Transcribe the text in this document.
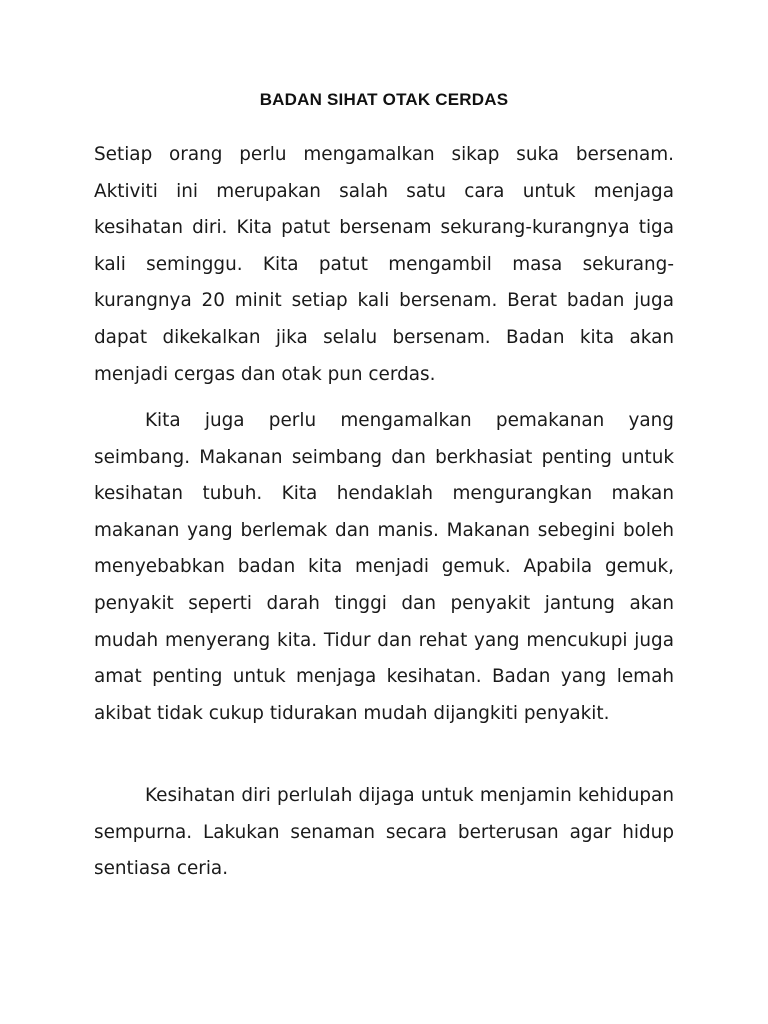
BADAN SIHAT OTAK CERDAS

Setiap orang perlu mengamalkan sikap suka bersenam. Aktiviti ini merupakan salah satu cara untuk menjaga kesihatan diri. Kita patut bersenam sekurang-kurangnya tiga kali seminggu. Kita patut mengambil masa sekurang-kurangnya 20 minit setiap kali bersenam. Berat badan juga dapat dikekalkan jika selalu bersenam. Badan kita akan menjadi cergas dan otak pun cerdas.

Kita juga perlu mengamalkan pemakanan yang seimbang. Makanan seimbang dan berkhasiat penting untuk kesihatan tubuh. Kita hendaklah mengurangkan makan makanan yang berlemak dan manis. Makanan sebegini boleh menyebabkan badan kita menjadi gemuk. Apabila gemuk, penyakit seperti darah tinggi dan penyakit jantung akan mudah menyerang kita. Tidur dan rehat yang mencukupi juga amat penting untuk menjaga kesihatan. Badan yang lemah akibat tidak cukup tidurakan mudah dijangkiti penyakit.

Kesihatan diri perlulah dijaga untuk menjamin kehidupan sempurna. Lakukan senaman secara berterusan agar hidup sentiasa ceria.
